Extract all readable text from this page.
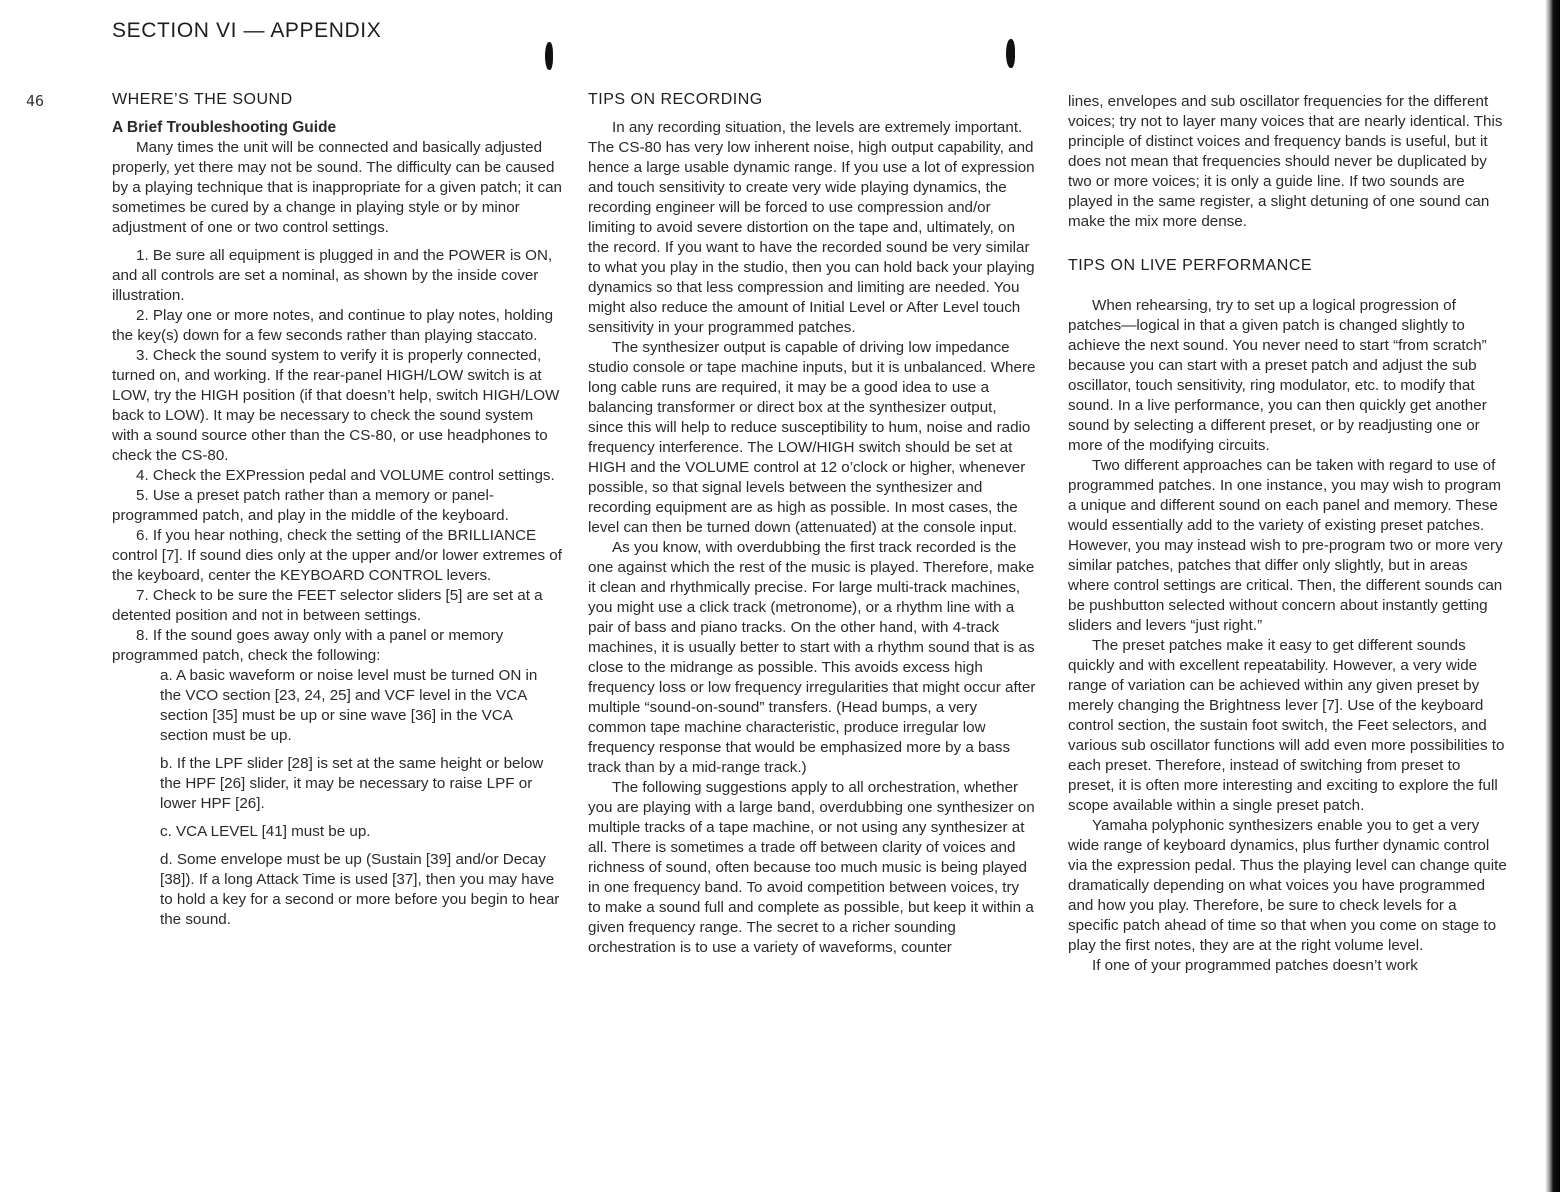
SECTION VI — APPENDIX
46	WHERE’S THE SOUND
A Brief Troubleshooting Guide

Many times the unit will be connected and basically adjusted properly, yet there may not be sound. The difficulty can be caused by a playing technique that is inappropriate for a given patch; it can sometimes be cured by a change in playing style or by minor adjustment of one or two control settings.

1. Be sure all equipment is plugged in and the POWER is ON, and all controls are set a nominal, as shown by the inside cover illustration.

2. Play one or more notes, and continue to play notes, holding the key(s) down for a few seconds rather than playing staccato.

3. Check the sound system to verify it is properly connected, turned on, and working. If the rear-panel HIGH/LOW switch is at LOW, try the HIGH position (if that doesn’t help, switch HIGH/LOW back to LOW). It may be necessary to check the sound system with a sound source other than the CS-80, or use headphones to check the CS-80.

4. Check the EXPression pedal and VOLUME control settings.

5. Use a preset patch rather than a memory or panel-programmed patch, and play in the middle of the keyboard.

6. If you hear nothing, check the setting of the BRILLIANCE control [7]. If sound dies only at the upper and/or lower extremes of the keyboard, center the KEYBOARD CONTROL levers.

7. Check to be sure the FEET selector sliders [5] are set at a detented position and not in between settings.

8. If the sound goes away only with a panel or memory programmed patch, check the following:

a. A basic waveform or noise level must be turned ON in the VCO section [23, 24, 25] and VCF level in the VCA section [35] must be up or sine wave [36] in the VCA section must be up.

b. If the LPF slider [28] is set at the same height or below the HPF [26] slider, it may be necessary to raise LPF or lower HPF [26].

c. VCA LEVEL [41] must be up.

d. Some envelope must be up (Sustain [39] and/or Decay [38]). If a long Attack Time is used [37], then you may have to hold a key for a second or more before you begin to hear the sound.

TIPS ON RECORDING

In any recording situation, the levels are extremely important. The CS-80 has very low inherent noise, high output capability, and hence a large usable dynamic range. If you use a lot of expression and touch sensitivity to create very wide playing dynamics, the recording engineer will be forced to use compression and/or limiting to avoid severe distortion on the tape and, ultimately, on the record. If you want to have the recorded sound be very similar to what you play in the studio, then you can hold back your playing dynamics so that less compression and limiting are needed. You might also reduce the amount of Initial Level or After Level touch sensitivity in your programmed patches.

The synthesizer output is capable of driving low impedance studio console or tape machine inputs, but it is unbalanced. Where long cable runs are required, it may be a good idea to use a balancing transformer or direct box at the synthesizer output, since this will help to reduce susceptibility to hum, noise and radio frequency interference. The LOW/HIGH switch should be set at HIGH and the VOLUME control at 12 o’clock or higher, whenever possible, so that signal levels between the synthesizer and recording equipment are as high as possible. In most cases, the level can then be turned down (attenuated) at the console input.

As you know, with overdubbing the first track recorded is the one against which the rest of the music is played. Therefore, make it clean and rhythmically precise. For large multi-track machines, you might use a click track (metronome), or a rhythm line with a pair of bass and piano tracks. On the other hand, with 4-track machines, it is usually better to start with a rhythm sound that is as close to the midrange as possible. This avoids excess high frequency loss or low frequency irregularities that might occur after multiple “sound-on-sound” transfers. (Head bumps, a very common tape machine characteristic, produce irregular low frequency response that would be emphasized more by a bass track than by a mid-range track.)

The following suggestions apply to all orchestration, whether you are playing with a large band, overdubbing one synthesizer on multiple tracks of a tape machine, or not using any synthesizer at all. There is sometimes a trade off between clarity of voices and richness of sound, often because too much music is being played in one frequency band. To avoid competition between voices, try to make a sound full and complete as possible, but keep it within a given frequency range. The secret to a richer sounding orchestration is to use a variety of waveforms, counter

lines, envelopes and sub oscillator frequencies for the different voices; try not to layer many voices that are nearly identical. This principle of distinct voices and frequency bands is useful, but it does not mean that frequencies should never be duplicated by two or more voices; it is only a guide line. If two sounds are played in the same register, a slight detuning of one sound can make the mix more dense.

TIPS ON LIVE PERFORMANCE

When rehearsing, try to set up a logical progression of patches—logical in that a given patch is changed slightly to achieve the next sound. You never need to start “from scratch” because you can start with a preset patch and adjust the sub oscillator, touch sensitivity, ring modulator, etc. to modify that sound. In a live performance, you can then quickly get another sound by selecting a different preset, or by readjusting one or more of the modifying circuits.

Two different approaches can be taken with regard to use of programmed patches. In one instance, you may wish to program a unique and different sound on each panel and memory. These would essentially add to the variety of existing preset patches. However, you may instead wish to pre-program two or more very similar patches, patches that differ only slightly, but in areas where control settings are critical. Then, the different sounds can be pushbutton selected without concern about instantly getting sliders and levers “just right.”

The preset patches make it easy to get different sounds quickly and with excellent repeatability. However, a very wide range of variation can be achieved within any given preset by merely changing the Brightness lever [7]. Use of the keyboard control section, the sustain foot switch, the Feet selectors, and various sub oscillator functions will add even more possibilities to each preset. Therefore, instead of switching from preset to preset, it is often more interesting and exciting to explore the full scope available within a single preset patch.

Yamaha polyphonic synthesizers enable you to get a very wide range of keyboard dynamics, plus further dynamic control via the expression pedal. Thus the playing level can change quite dramatically depending on what voices you have programmed and how you play. Therefore, be sure to check levels for a specific patch ahead of time so that when you come on stage to play the first notes, they are at the right volume level.

If one of your programmed patches doesn’t work
